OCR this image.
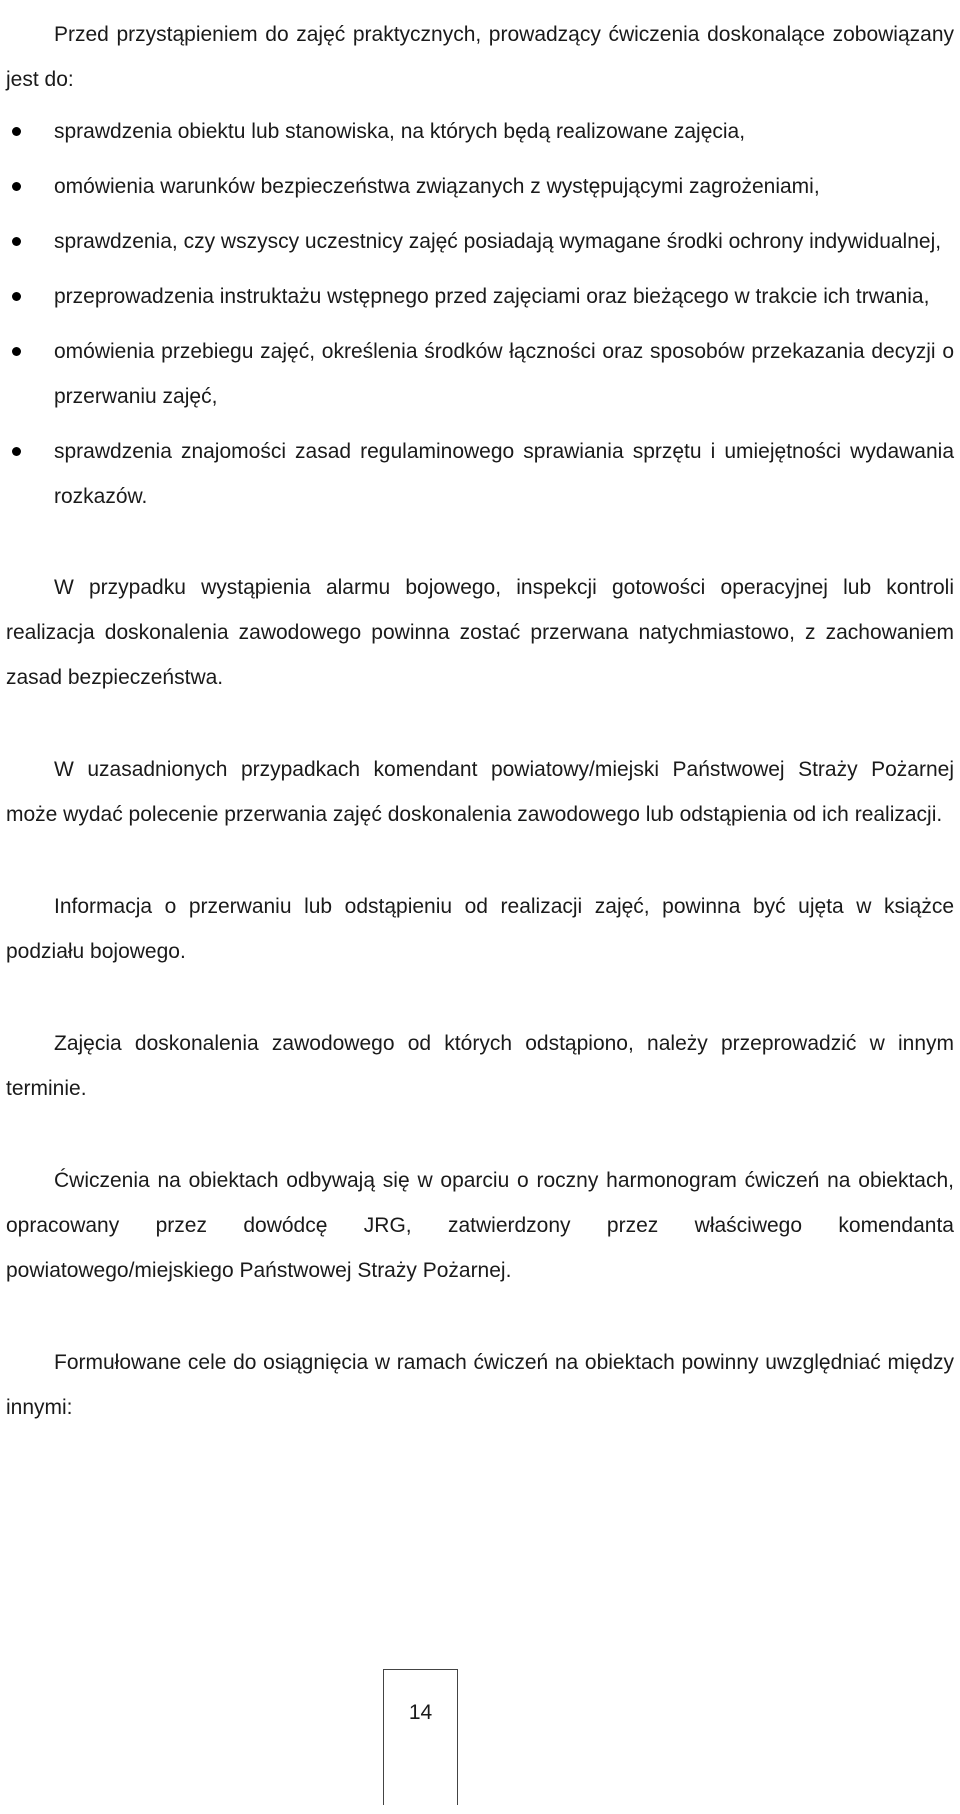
Przed przystąpieniem do zajęć praktycznych, prowadzący ćwiczenia doskonalące zobowiązany jest do:

sprawdzenia obiektu lub stanowiska, na których będą realizowane zajęcia,
omówienia warunków bezpieczeństwa związanych z występującymi zagrożeniami,
sprawdzenia, czy wszyscy uczestnicy zajęć posiadają wymagane środki ochrony indywidualnej,
przeprowadzenia instruktażu wstępnego przed zajęciami oraz bieżącego w trakcie ich trwania,
omówienia przebiegu zajęć, określenia środków łączności oraz sposobów przekazania decyzji o przerwaniu zajęć,
sprawdzenia znajomości zasad regulaminowego sprawiania sprzętu i umiejętności wydawania rozkazów.

W przypadku wystąpienia alarmu bojowego, inspekcji gotowości operacyjnej lub kontroli realizacja doskonalenia zawodowego powinna zostać przerwana natychmiastowo, z zachowaniem zasad bezpieczeństwa.

W uzasadnionych przypadkach komendant powiatowy/miejski Państwowej Straży Pożarnej może wydać polecenie przerwania zajęć doskonalenia zawodowego lub odstąpienia od ich realizacji.

Informacja o przerwaniu lub odstąpieniu od realizacji zajęć, powinna być ujęta w książce podziału bojowego.

Zajęcia doskonalenia zawodowego od których odstąpiono, należy przeprowadzić w innym terminie.

Ćwiczenia na obiektach odbywają się w oparciu o roczny harmonogram ćwiczeń na obiektach, opracowany przez dowódcę JRG, zatwierdzony przez właściwego komendanta powiatowego/miejskiego Państwowej Straży Pożarnej.

Formułowane cele do osiągnięcia w ramach ćwiczeń na obiektach powinny uwzględniać między innymi:

14
